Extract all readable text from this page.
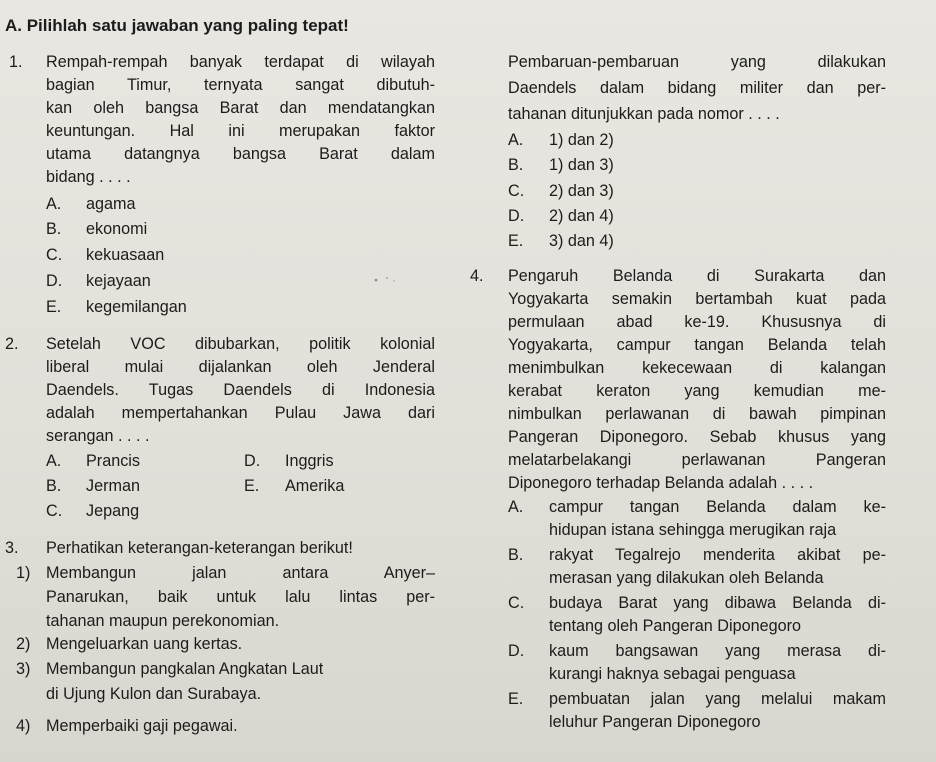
A. Pilihlah satu jawaban yang paling tepat!
1. Rempah-rempah banyak terdapat di wilayah
bagian Timur, ternyata sangat dibutuh-
kan oleh bangsa Barat dan mendatangkan
keuntungan. Hal ini merupakan faktor
utama datangnya bangsa Barat dalam
bidang . . . .
A. agama
B. ekonomi
C. kekuasaan
D. kejayaan
E. kegemilangan
2. Setelah VOC dibubarkan, politik kolonial
liberal mulai dijalankan oleh Jenderal
Daendels. Tugas Daendels di Indonesia
adalah mempertahankan Pulau Jawa dari
serangan . . . .
A. Prancis
B. Jerman
C. Jepang
D. Inggris
E. Amerika
3. Perhatikan keterangan-keterangan berikut!
1) Membangun jalan antara Anyer–
Panarukan, baik untuk lalu lintas per-
tahanan maupun perekonomian.
2) Mengeluarkan uang kertas.
3) Membangun pangkalan Angkatan Laut
di Ujung Kulon dan Surabaya.
4) Memperbaiki gaji pegawai.
Pembaruan-pembaruan yang dilakukan
Daendels dalam bidang militer dan per-
tahanan ditunjukkan pada nomor . . . .
A. 1) dan 2)
B. 1) dan 3)
C. 2) dan 3)
D. 2) dan 4)
E. 3) dan 4)
4. Pengaruh Belanda di Surakarta dan
Yogyakarta semakin bertambah kuat pada
permulaan abad ke-19. Khususnya di
Yogyakarta, campur tangan Belanda telah
menimbulkan kekecewaan di kalangan
kerabat keraton yang kemudian me-
nimbulkan perlawanan di bawah pimpinan
Pangeran Diponegoro. Sebab khusus yang
melatarbelakangi perlawanan Pangeran
Diponegoro terhadap Belanda adalah . . . .
A. campur tangan Belanda dalam ke-
hidupan istana sehingga merugikan raja
B. rakyat Tegalrejo menderita akibat pe-
merasan yang dilakukan oleh Belanda
C. budaya Barat yang dibawa Belanda di-
tentang oleh Pangeran Diponegoro
D. kaum bangsawan yang merasa di-
kurangi haknya sebagai penguasa
E. pembuatan jalan yang melalui makam
leluhur Pangeran Diponegoro
